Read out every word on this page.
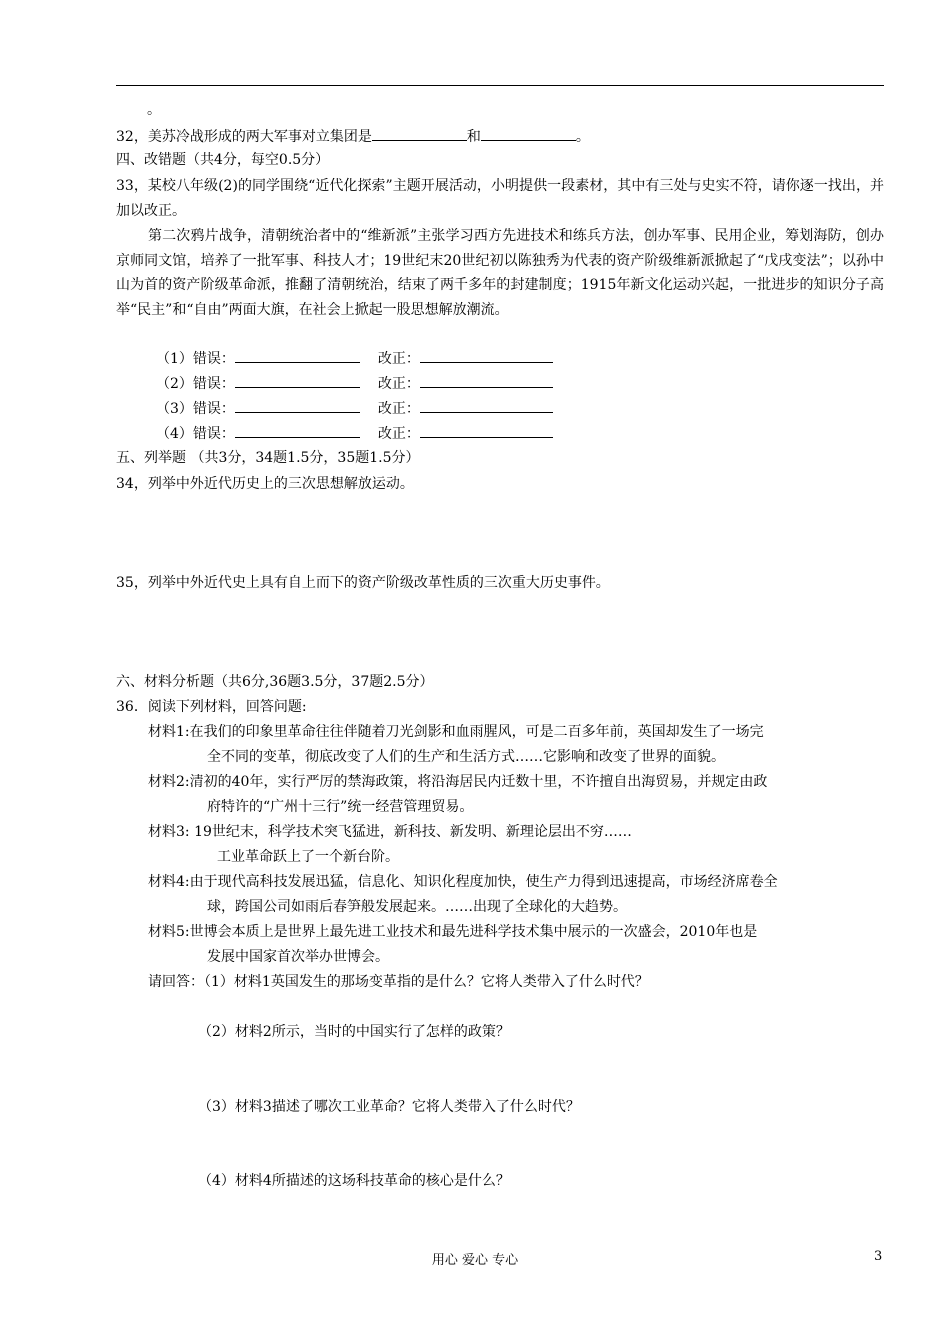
。
32，美苏冷战形成的两大军事对立集团是	和	。
四、改错题（共4分，每空0.5分）
33，某校八年级(2)的同学围绕“近代化探索”主题开展活动，小明提供一段素材，其中有三处与史实不符，请你逐一找出，并加以改正。
第二次鸦片战争，清朝统治者中的“维新派”主张学习西方先进技术和练兵方法，创办军事、民用企业，筹划海防，创办京师同文馆，培养了一批军事、科技人才；19世纪末20世纪初以陈独秀为代表的资产阶级维新派掀起了“戊戌变法”；以孙中山为首的资产阶级革命派，推翻了清朝统治，结束了两千多年的封建制度；1915年新文化运动兴起，一批进步的知识分子高举“民主”和“自由”两面大旗，在社会上掀起一股思想解放潮流。
（1）错误：	改正：
（2）错误：	改正：
（3）错误：	改正：
（4）错误：	改正：
五、列举题 （共3分，34题1.5分，35题1.5分）
34，列举中外近代历史上的三次思想解放运动。
35，列举中外近代史上具有自上而下的资产阶级改革性质的三次重大历史事件。
六、材料分析题（共6分,36题3.5分，37题2.5分）
36．阅读下列材料，回答问题:
材料1:在我们的印象里革命往往伴随着刀光剑影和血雨腥风，可是二百多年前，英国却发生了一场完
全不同的变革，彻底改变了人们的生产和生活方式……它影响和改变了世界的面貌。
材料2:清初的40年，实行严厉的禁海政策，将沿海居民内迁数十里，不许擅自出海贸易，并规定由政
府特许的“广州十三行”统一经营管理贸易。
材料3: 19世纪末，科学技术突飞猛进，新科技、新发明、新理论层出不穷……
工业革命跃上了一个新台阶。
材料4:由于现代高科技发展迅猛，信息化、知识化程度加快，使生产力得到迅速提高，市场经济席卷全
球，跨国公司如雨后春笋般发展起来。……出现了全球化的大趋势。
材料5:世博会本质上是世界上最先进工业技术和最先进科学技术集中展示的一次盛会，2010年也是
发展中国家首次举办世博会。
请回答：（1）材料1英国发生的那场变革指的是什么？它将人类带入了什么时代？
（2）材料2所示，当时的中国实行了怎样的政策？
（3）材料3描述了哪次工业革命？它将人类带入了什么时代？
（4）材料4所描述的这场科技革命的核心是什么？
用心 爱心 专心	3
